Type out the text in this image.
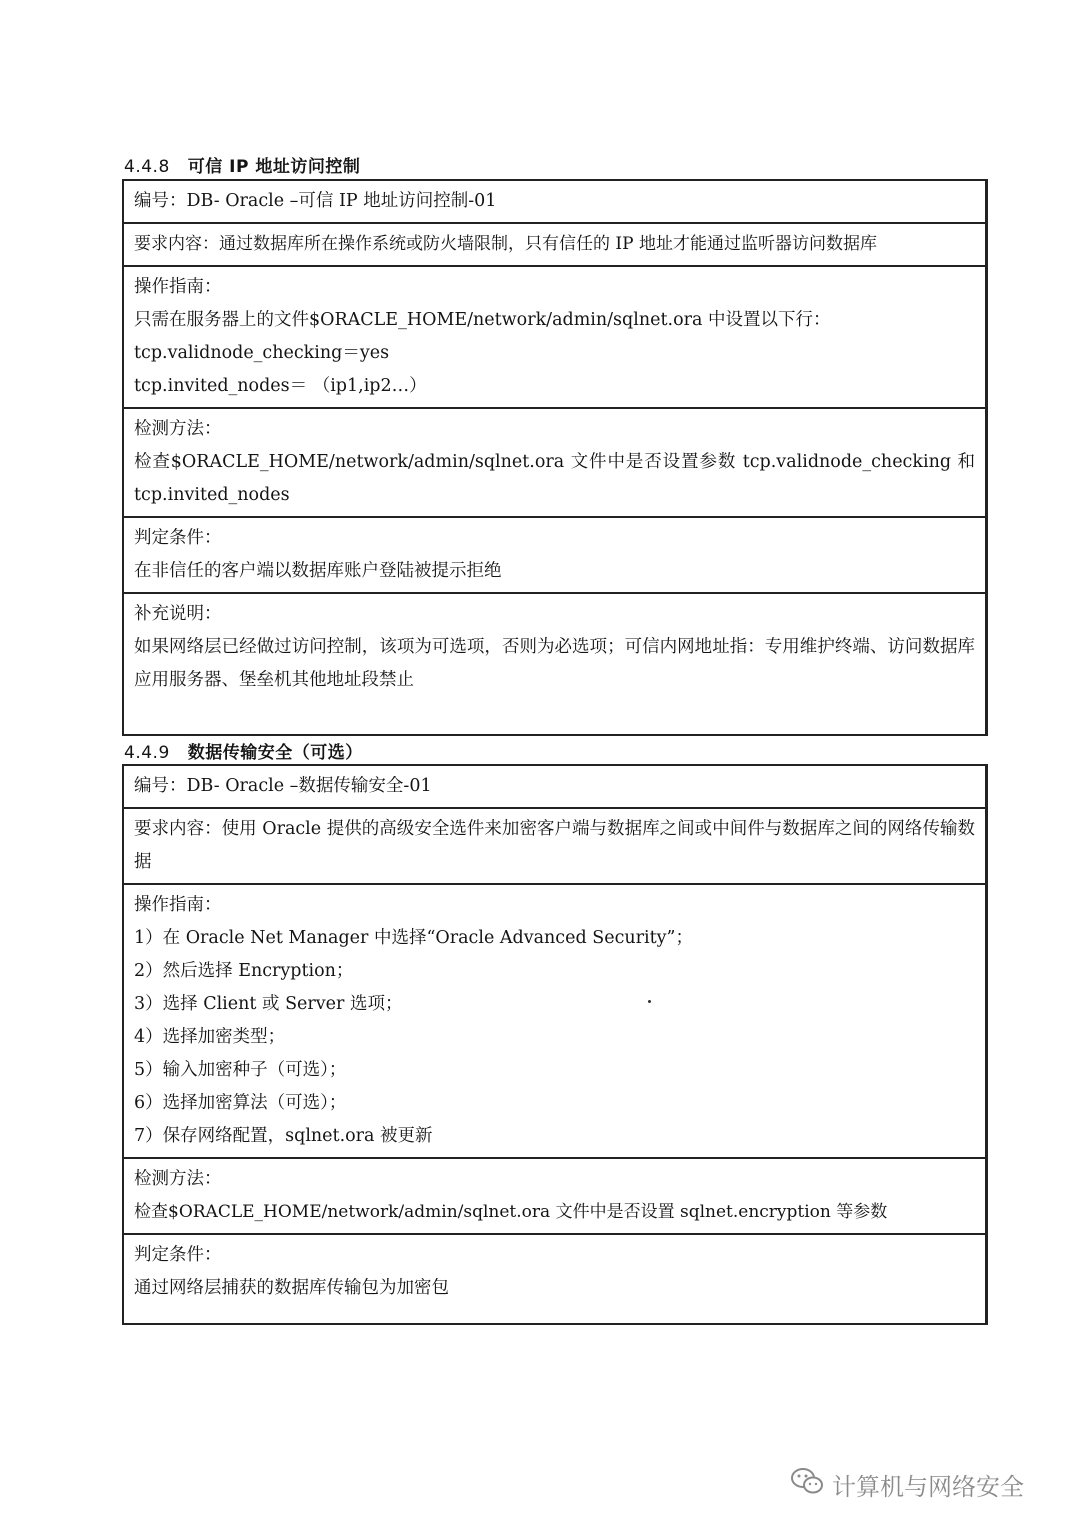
4.4.8 可信 IP 地址访问控制
编号：DB- Oracle –可信 IP 地址访问控制-01
要求内容：通过数据库所在操作系统或防火墙限制，只有信任的 IP 地址才能通过监听器访问数据库
操作指南：
只需在服务器上的文件$ORACLE_HOME/network/admin/sqlnet.ora 中设置以下行：
tcp.validnode_checking＝yes
tcp.invited_nodes＝ （ip1,ip2…）
检测方法：
检查$ORACLE_HOME/network/admin/sqlnet.ora 文件中是否设置参数 tcp.validnode_checking 和
tcp.invited_nodes
判定条件：
在非信任的客户端以数据库账户登陆被提示拒绝
补充说明：
如果网络层已经做过访问控制，该项为可选项，否则为必选项；可信内网地址指：专用维护终端、访问数据库应用服务器、堡垒机其他地址段禁止
4.4.9 数据传输安全（可选）
编号：DB- Oracle –数据传输安全-01
要求内容：使用 Oracle 提供的高级安全选件来加密客户端与数据库之间或中间件与数据库之间的网络传输数据
操作指南：
1）在 Oracle Net Manager 中选择“Oracle Advanced Security”；
2）然后选择 Encryption；
3）选择 Client 或 Server 选项；
4）选择加密类型；
5）输入加密种子（可选）；
6）选择加密算法（可选）；
7）保存网络配置，sqlnet.ora 被更新
检测方法：
检查$ORACLE_HOME/network/admin/sqlnet.ora 文件中是否设置 sqlnet.encryption 等参数
判定条件：
通过网络层捕获的数据库传输包为加密包
计算机与网络安全
